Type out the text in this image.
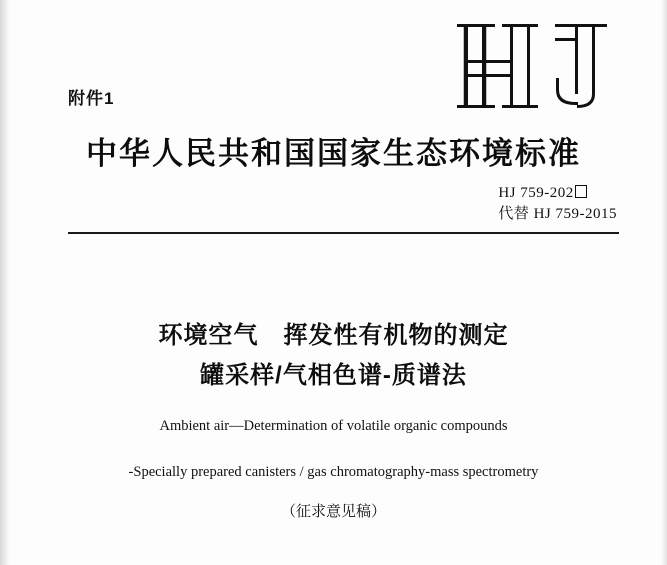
附件1
中华人民共和国国家生态环境标准
HJ 759-202
代替 HJ 759-2015
环境空气　挥发性有机物的测定
罐采样/气相色谱-质谱法
Ambient air—Determination of volatile organic compounds
-Specially prepared canisters / gas chromatography-mass spectrometry
（征求意见稿）
